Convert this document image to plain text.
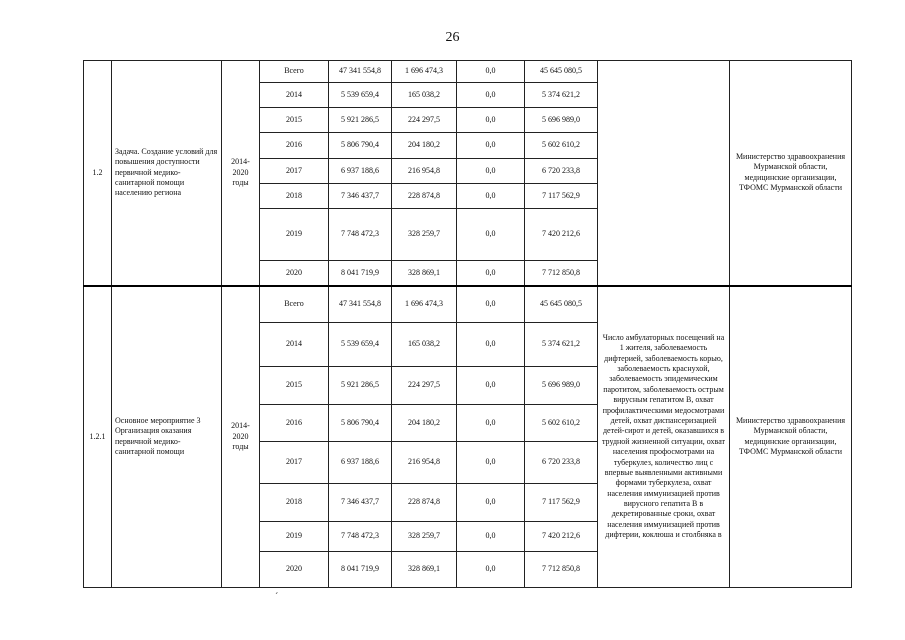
26
1.2	Задача. Создание условий для повышения доступности первичной медико-санитарной помощи населению региона	2014-2020 годы	Всего	47 341 554,8	1 696 474,3	0,0	45 645 080,5		Министерство здравоохранения Мурманской области, медицинские организации, ТФОМС Мурманской области
			2014	5 539 659,4	165 038,2	0,0	5 374 621,2		
			2015	5 921 286,5	224 297,5	0,0	5 696 989,0		
			2016	5 806 790,4	204 180,2	0,0	5 602 610,2		
			2017	6 937 188,6	216 954,8	0,0	6 720 233,8		
			2018	7 346 437,7	228 874,8	0,0	7 117 562,9		
			2019	7 748 472,3	328 259,7	0,0	7 420 212,6		
			2020	8 041 719,9	328 869,1	0,0	7 712 850,8		
1.2.1	Основное мероприятие 3 Организация оказания первичной медико-санитарной помощи	2014-2020 годы	Всего	47 341 554,8	1 696 474,3	0,0	45 645 080,5	Число амбулаторных посещений на 1 жителя, заболеваемость дифтерией, заболеваемость корью, заболеваемость краснухой, заболеваемость эпидемическим паротитом, заболеваемость острым вирусным гепатитом В, охват профилактическими медосмотрами детей, охват диспансеризацией детей-сирот и детей, оказавшихся в трудной жизненной ситуации, охват населения профосмотрами на туберкулез, количество лиц с впервые выявленными активными формами туберкулеза, охват населения иммунизацией против вирусного гепатита В в декретированные сроки, охват населения иммунизацией против дифтерии, коклюша и столбняка в	Министерство здравоохранения Мурманской области, медицинские организации, ТФОМС Мурманской области
			2014	5 539 659,4	165 038,2	0,0	5 374 621,2		
			2015	5 921 286,5	224 297,5	0,0	5 696 989,0		
			2016	5 806 790,4	204 180,2	0,0	5 602 610,2		
			2017	6 937 188,6	216 954,8	0,0	6 720 233,8		
			2018	7 346 437,7	228 874,8	0,0	7 117 562,9		
			2019	7 748 472,3	328 259,7	0,0	7 420 212,6		
			2020	8 041 719,9	328 869,1	0,0	7 712 850,8		
ˊ
